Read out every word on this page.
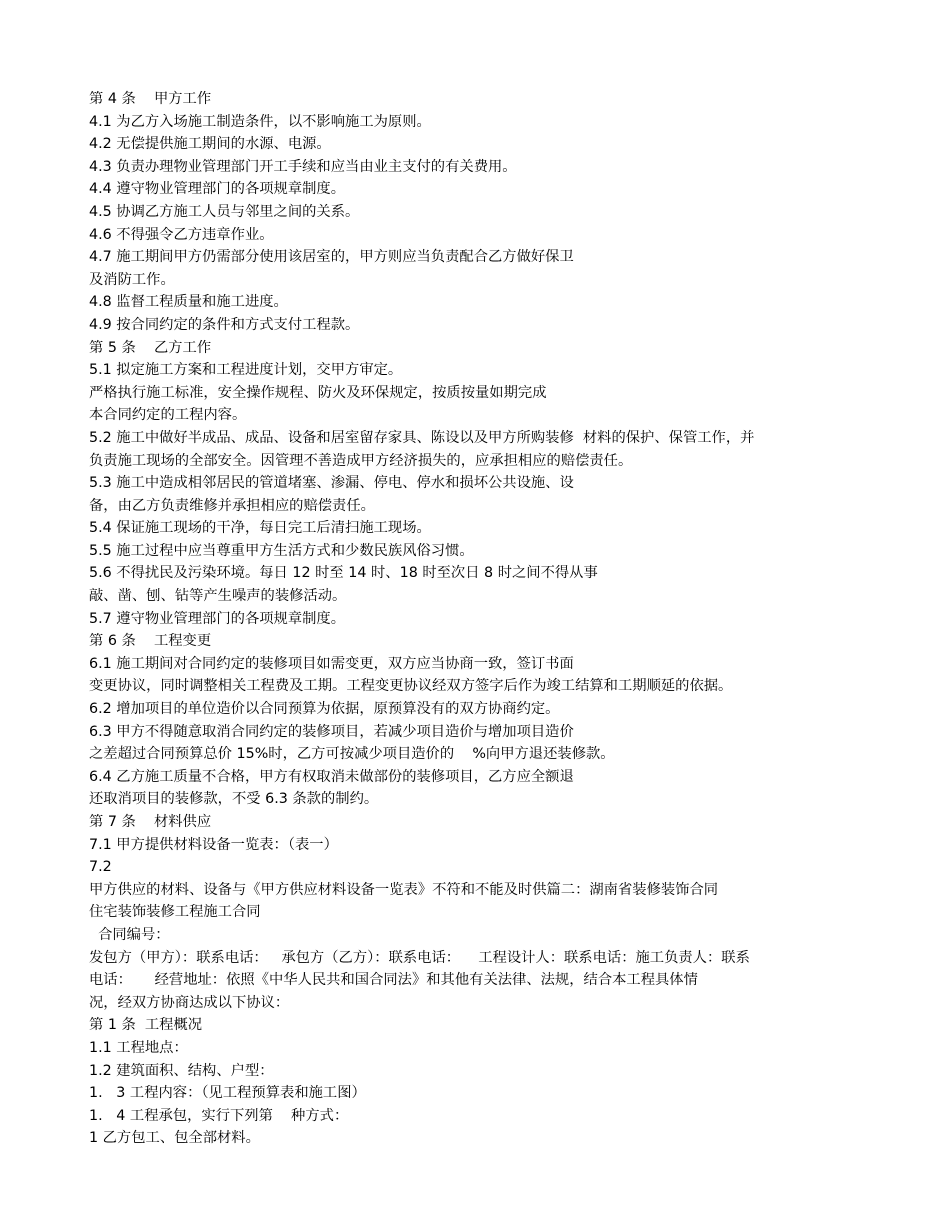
第 4 条    甲方工作
4.1 为乙方入场施工制造条件，以不影响施工为原则。
4.2 无偿提供施工期间的水源、电源。
4.3 负责办理物业管理部门开工手续和应当由业主支付的有关费用。
4.4 遵守物业管理部门的各项规章制度。
4.5 协调乙方施工人员与邻里之间的关系。
4.6 不得强令乙方违章作业。
4.7 施工期间甲方仍需部分使用该居室的，甲方则应当负责配合乙方做好保卫
及消防工作。
4.8 监督工程质量和施工进度。
4.9 按合同约定的条件和方式支付工程款。
第 5 条    乙方工作
5.1 拟定施工方案和工程进度计划，交甲方审定。
严格执行施工标准，安全操作规程、防火及环保规定，按质按量如期完成
本合同约定的工程内容。
5.2 施工中做好半成品、成品、设备和居室留存家具、陈设以及甲方所购装修  材料的保护、保管工作，并
负责施工现场的全部安全。因管理不善造成甲方经济损失的，应承担相应的赔偿责任。
5.3 施工中造成相邻居民的管道堵塞、渗漏、停电、停水和损坏公共设施、设
备，由乙方负责维修并承担相应的赔偿责任。
5.4 保证施工现场的干净，每日完工后清扫施工现场。
5.5 施工过程中应当尊重甲方生活方式和少数民族风俗习惯。
5.6 不得扰民及污染环境。每日 12 时至 14 时、18 时至次日 8 时之间不得从事
敲、凿、刨、钻等产生噪声的装修活动。
5.7 遵守物业管理部门的各项规章制度。
第 6 条    工程变更
6.1 施工期间对合同约定的装修项目如需变更，双方应当协商一致，签订书面
变更协议，同时调整相关工程费及工期。工程变更协议经双方签字后作为竣工结算和工期顺延的依据。
6.2 增加项目的单位造价以合同预算为依据，原预算没有的双方协商约定。
6.3 甲方不得随意取消合同约定的装修项目，若减少项目造价与增加项目造价
之差超过合同预算总价 15%时，乙方可按减少项目造价的    %向甲方退还装修款。
6.4 乙方施工质量不合格，甲方有权取消未做部份的装修项目，乙方应全额退
还取消项目的装修款，不受 6.3 条款的制约。
第 7 条    材料供应
7.1 甲方提供材料设备一览表：（表一）
7.2
甲方供应的材料、设备与《甲方供应材料设备一览表》不符和不能及时供篇二：湖南省装修装饰合同
住宅装饰装修工程施工合同
合同编号：
发包方（甲方）：联系电话：   承包方（乙方）：联系电话：    工程设计人：联系电话：施工负责人：联系
电话：     经营地址：依照《中华人民共和国合同法》和其他有关法律、法规，结合本工程具体情
况，经双方协商达成以下协议：
第 1 条  工程概况
1.1 工程地点：
1.2 建筑面积、结构、户型：
1.   3 工程内容：（见工程预算表和施工图）
1.   4 工程承包，实行下列第    种方式：
1 乙方包工、包全部材料。
